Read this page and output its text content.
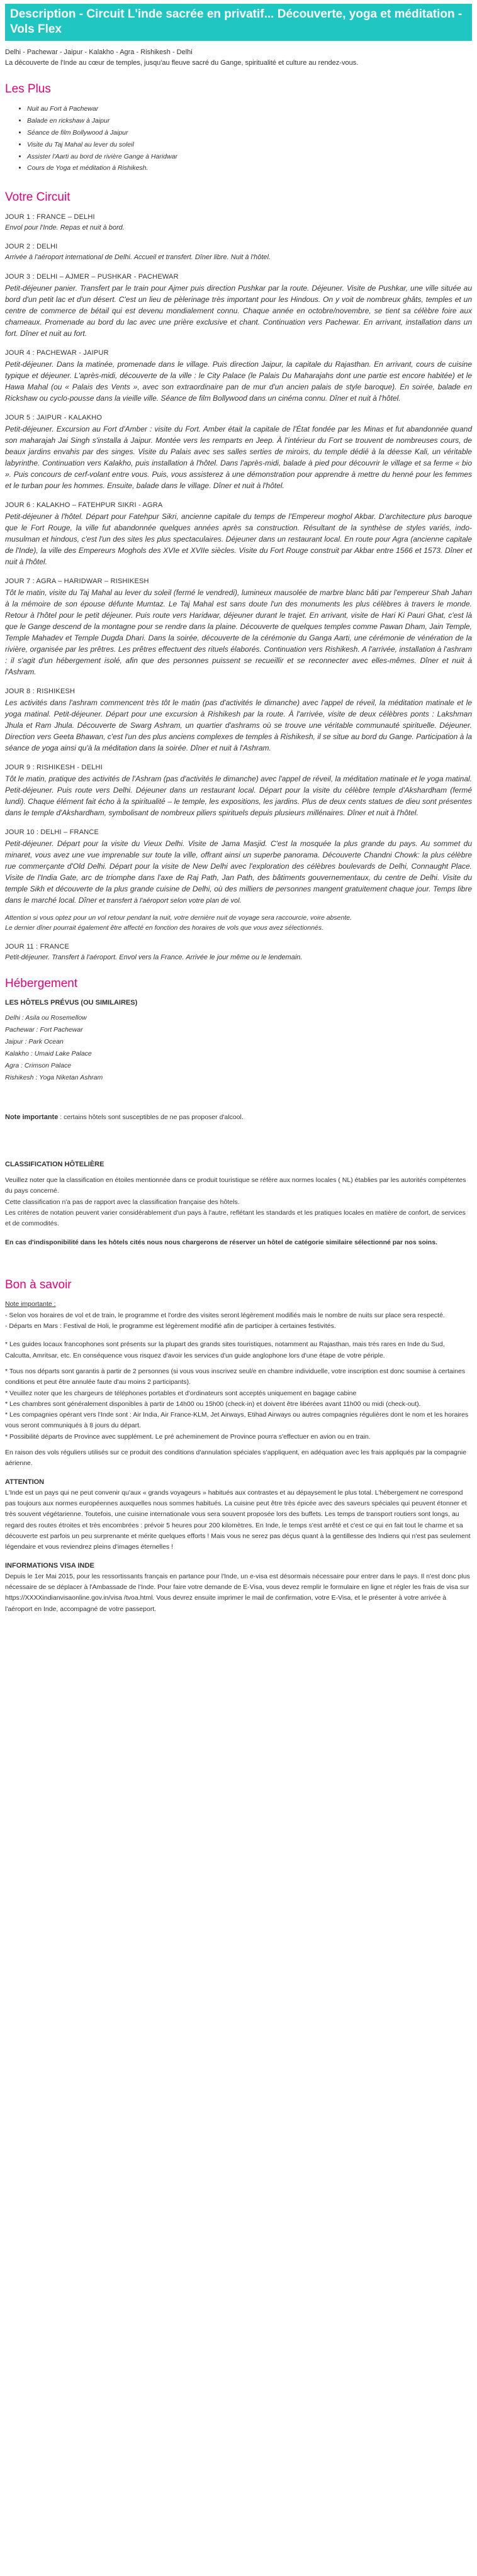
Description - Circuit L'inde sacrée en privatif... Découverte, yoga et méditation - Vols Flex
Delhi - Pachewar - Jaipur - Kalakho - Agra - Rishikesh - Delhi
La découverte de l'Inde au cœur de temples, jusqu'au fleuve sacré du Gange, spiritualité et culture au rendez-vous.
Les Plus
• Nuit au Fort à Pachewar
• Balade en rickshaw à Jaipur
• Séance de film Bollywood à Jaipur
• Visite du Taj Mahal au lever du soleil
• Assister l'Aarti au bord de rivière Gange à Haridwar
• Cours de Yoga et méditation à Rishikesh.
Votre Circuit
JOUR 1 : FRANCE – DELHI
Envol pour l'Inde. Repas et nuit à bord.
JOUR 2 : DELHI
Arrivée à l'aéroport international de Delhi. Accueil et transfert. Dîner libre. Nuit à l'hôtel.
JOUR 3 : DELHI – AJMER – PUSHKAR - PACHEWAR
Petit-déjeuner panier. Transfert par le train pour Ajmer puis direction Pushkar par la route. Déjeuner. Visite de Pushkar, une ville située au bord d'un petit lac et d'un désert. C'est un lieu de pèlerinage très important pour les Hindous. On y voit de nombreux ghâts, temples et un centre de commerce de bétail qui est devenu mondialement connu. Chaque année en octobre/novembre, se tient sa célèbre foire aux chameaux. Promenade au bord du lac avec une prière exclusive et chant. Continuation vers Pachewar. En arrivant, installation dans un fort. Dîner et nuit au fort.
JOUR 4 : PACHEWAR - JAIPUR
Petit-déjeuner. Dans la matinée, promenade dans le village. Puis direction Jaipur, la capitale du Rajasthan. En arrivant, cours de cuisine typique et déjeuner. L'après-midi, découverte de la ville : le City Palace (le Palais Du Maharajahs dont une partie est encore habitée) et le Hawa Mahal (ou « Palais des Vents », avec son extraordinaire pan de mur d'un ancien palais de style baroque). En soirée, balade en Rickshaw ou cyclo-pousse dans la vieille ville. Séance de film Bollywood dans un cinéma connu. Dîner et nuit à l'hôtel.
JOUR 5 : JAIPUR - KALAKHO
Petit-déjeuner. Excursion au Fort d'Amber : visite du Fort. Amber était la capitale de l'État fondée par les Minas et fut abandonnée quand son maharajah Jai Singh s'installa à Jaipur. Montée vers les remparts en Jeep. À l'intérieur du Fort se trouvent de nombreuses cours, de beaux jardins envahis par des singes. Visite du Palais avec ses salles serties de miroirs, du temple dédié à la déesse Kali, un véritable labyrinthe. Continuation vers Kalakho, puis installation à l'hôtel. Dans l'après-midi, balade à pied pour découvrir le village et sa ferme « bio ». Puis concours de cerf-volant entre vous. Puis, vous assisterez à une démonstration pour apprendre à mettre du henné pour les femmes et le turban pour les hommes. Ensuite, balade dans le village. Dîner et nuit à l'hôtel.
JOUR 6 : KALAKHO – FATEHPUR SIKRI - AGRA
Petit-déjeuner à l'hôtel. Départ pour Fatehpur Sikri, ancienne capitale du temps de l'Empereur moghol Akbar. D'architecture plus baroque que le Fort Rouge, la ville fut abandonnée quelques années après sa construction. Résultant de la synthèse de styles variés, indo-musulman et hindous, c'est l'un des sites les plus spectaculaires. Déjeuner dans un restaurant local. En route pour Agra (ancienne capitale de l'Inde), la ville des Empereurs Moghols des XVIe et XVIIe siècles. Visite du Fort Rouge construit par Akbar entre 1566 et 1573. Dîner et nuit à l'hôtel.
JOUR 7 : AGRA – HARIDWAR – RISHIKESH
Tôt le matin, visite du Taj Mahal au lever du soleil (fermé le vendredi), lumineux mausolée de marbre blanc bâti par l'empereur Shah Jahan à la mémoire de son épouse défunte Mumtaz. Le Taj Mahal est sans doute l'un des monuments les plus célèbres à travers le monde. Retour à l'hôtel pour le petit déjeuner. Puis route vers Haridwar, déjeuner durant le trajet. En arrivant, visite de Hari Ki Pauri Ghat, c'est là que le Gange descend de la montagne pour se rendre dans la plaine. Découverte de quelques temples comme Pawan Dham, Jain Temple, Temple Mahadev et Temple Dugda Dhari. Dans la soirée, découverte de la cérémonie du Ganga Aarti, une cérémonie de vénération de la rivière, organisée par les prêtres. Les prêtres effectuent des rituels élaborés. Continuation vers Rishikesh. A l'arrivée, installation à l'ashram : il s'agit d'un hébergement isolé, afin que des personnes puissent se recueillir et se reconnecter avec elles-mêmes. Dîner et nuit à l'Ashram.
JOUR 8 : RISHIKESH
Les activités dans l'ashram commencent très tôt le matin (pas d'activités le dimanche) avec l'appel de réveil, la méditation matinale et le yoga matinal. Petit-déjeuner. Départ pour une excursion à Rishikesh par la route. À l'arrivée, visite de deux célèbres ponts : Lakshman Jhula et Ram Jhula. Découverte de Swarg Ashram, un quartier d'ashrams où se trouve une véritable communauté spirituelle. Déjeuner. Direction vers Geeta Bhawan, c'est l'un des plus anciens complexes de temples à Rishikesh, il se situe au bord du Gange. Participation à la séance de yoga ainsi qu'à la méditation dans la soirée. Dîner et nuit à l'Ashram.
JOUR 9 : RISHIKESH - DELHI
Tôt le matin, pratique des activités de l'Ashram (pas d'activités le dimanche) avec l'appel de réveil, la méditation matinale et le yoga matinal. Petit-déjeuner. Puis route vers Delhi. Déjeuner dans un restaurant local. Départ pour la visite du célèbre temple d'Akshardham (fermé lundi). Chaque élément fait écho à la spiritualité – le temple, les expositions, les jardins. Plus de deux cents statues de dieu sont présentes dans le temple d'Akshardham, symbolisant de nombreux piliers spirituels depuis plusieurs millénaires. Dîner et nuit à l'hôtel.
JOUR 10 : DELHI – FRANCE
Petit-déjeuner. Départ pour la visite du Vieux Delhi. Visite de Jama Masjid. C'est la mosquée la plus grande du pays. Au sommet du minaret, vous avez une vue imprenable sur toute la ville, offrant ainsi un superbe panorama. Découverte Chandni Chowk: la plus célèbre rue commerçante d'Old Delhi. Départ pour la visite de New Delhi avec l'exploration des célèbres boulevards de Delhi, Connaught Place. Visite de l'India Gate, arc de triomphe dans l'axe de Raj Path, Jan Path, des bâtiments gouvernementaux, du centre de Delhi. Visite du temple Sikh et découverte de la plus grande cuisine de Delhi, où des milliers de personnes mangent gratuitement chaque jour. Temps libre dans le marché local. Dîner et transfert à l'aéroport selon votre plan de vol.
Attention si vous optez pour un vol retour pendant la nuit, votre dernière nuit de voyage sera raccourcie, voire absente.
Le dernier dîner pourrait également être affecté en fonction des horaires de vols que vous avez sélectionnés.
JOUR 11 : FRANCE
Petit-déjeuner. Transfert à l'aéroport. Envol vers la France. Arrivée le jour même ou le lendemain.
Hébergement
LES HÔTELS PRÉVUS (OU SIMILAIRES)
Delhi : Asila ou Rosemellow
Pachewar : Fort Pachewar
Jaipur : Park Ocean
Kalakho : Umaid Lake Palace
Agra : Crimson Palace
Rishikesh : Yoga Niketan Ashram
Note importante : certains hôtels sont susceptibles de ne pas proposer d'alcool.
CLASSIFICATION HÔTELIÈRE
Veuillez noter que la classification en étoiles mentionnée dans ce produit touristique se réfère aux normes locales ( NL) établies par les autorités compétentes du pays concerné.
Cette classification n'a pas de rapport avec la classification française des hôtels.
Les critères de notation peuvent varier considérablement d'un pays à l'autre, reflétant les standards et les pratiques locales en matière de confort, de services et de commodités.
En cas d'indisponibilité dans les hôtels cités nous nous chargerons de réserver un hôtel de catégorie similaire sélectionné par nos soins.
Bon à savoir
Note importante :
- Selon vos horaires de vol et de train, le programme et l'ordre des visites seront légèrement modifiés mais le nombre de nuits sur place sera respecté.
- Départs en Mars : Festival de Holi, le programme est légèrement modifié afin de participer à certaines festivités.
* Les guides locaux francophones sont présents sur la plupart des grands sites touristiques, notamment au Rajasthan, mais très rares en Inde du Sud, Calcutta, Amritsar, etc. En conséquence vous risquez d'avoir les services d'un guide anglophone lors d'une étape de votre périple.
* Tous nos départs sont garantis à partir de 2 personnes (si vous vous inscrivez seul/e en chambre individuelle, votre inscription est donc soumise à certaines conditions et peut être annulée faute d'au moins 2 participants).
* Veuillez noter que les chargeurs de téléphones portables et d'ordinateurs sont acceptés uniquement en bagage cabine
* Les chambres sont généralement disponibles à partir de 14h00 ou 15h00 (check-in) et doivent être libérées avant 11h00 ou midi (check-out).
* Les compagnies opérant vers l'Inde sont : Air India, Air France-KLM, Jet Airways, Etihad Airways ou autres compagnies régulières dont le nom et les horaires vous seront communiqués à 8 jours du départ.
* Possibilité départs de Province avec supplément. Le pré acheminement de Province pourra s'effectuer en avion ou en train.
En raison des vols réguliers utilisés sur ce produit des conditions d'annulation spéciales s'appliquent, en adéquation avec les frais appliqués par la compagnie aérienne.
ATTENTION
L'Inde est un pays qui ne peut convenir qu'aux « grands voyageurs » habitués aux contrastes et au dépaysement le plus total. L'hébergement ne correspond pas toujours aux normes européennes auxquelles nous sommes habitués. La cuisine peut être très épicée avec des saveurs spéciales qui peuvent étonner et très souvent végétarienne. Toutefois, une cuisine internationale vous sera souvent proposée lors des buffets. Les temps de transport routiers sont longs, au regard des routes étroites et très encombrées : prévoir 5 heures pour 200 kilomètres. En Inde, le temps s'est arrêté et c'est ce qui en fait tout le charme et sa découverte est parfois un peu surprenante et mérite quelques efforts ! Mais vous ne serez pas déçus quant à la gentillesse des Indiens qui n'est pas seulement légendaire et vous reviendrez pleins d'images éternelles !
INFORMATIONS VISA INDE
Depuis le 1er Mai 2015, pour les ressortissants français en partance pour l'Inde, un e-visa est désormais nécessaire pour entrer dans le pays. Il n'est donc plus nécessaire de se déplacer à l'Ambassade de l'Inde. Pour faire votre demande de E-Visa, vous devez remplir le formulaire en ligne et régler les frais de visa sur https://XXXXindianvisaonline.gov.in/visa /tvoa.html. Vous devrez ensuite imprimer le mail de confirmation, votre E-Visa, et le présenter à votre arrivée à l'aéroport en Inde, accompagné de votre passeport.
